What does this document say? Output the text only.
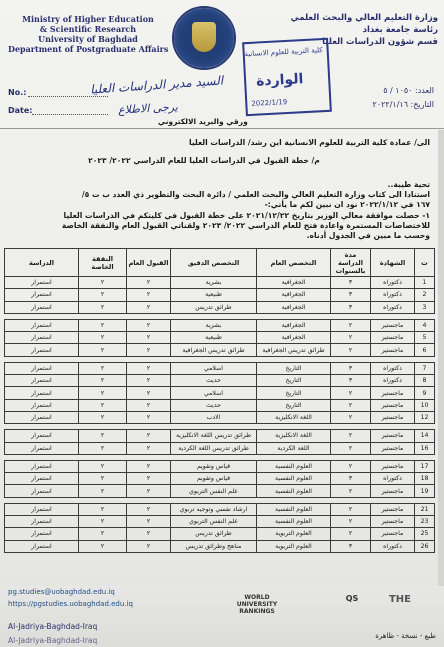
Ministry of Higher Education
& Scientific Research
University of Baghdad
Department of Postgraduate Affairs
وزارة التعليم العالي والبحث العلمي
رئاسة جامعة بغداد
قسم شؤون الدراسات العليا
كلية التربية للعلوم الانسانية
الواردة
2022/1/19
No.:
Date:
العدد: ١٠٥٠ / ٥
التاريخ: ٢٠٢٢/١/١٦
السيد مدير الدراسات العليا
يرجى الاطلاع
ورقي والبريد الالكتروني
الى/ عمادة كلية التربية للعلوم الانسانية ابن رشد/ الدراسات العليا
م/ خطة القبول في الدراسات العليا للعام الدراسي ٢٠٢٢/ ٢٠٢٣
تحية طيبة..
استنادا الى كتاب وزارة التعليم العالي والبحث العلمي / دائرة البحث والتطوير ذي العدد ب ت ٥/
١٦٧ في ٢٠٢٢/١/١٢ نود ان نبين لكم ما يأتي:-
١- حصلت موافقة معالي الوزير بتاريخ ٢٠٢١/١٢/٢٢ على خطة القبول في كليتكم في الدراسات العليا
للاختصاصات المستمرة واعادة فتح للعام الدراسي ٢٠٢٢/ ٢٠٢٣ ولقناتي القبول العام والنفقة الخاصة
وحسب ما مبين في الجدول أدناه.
ت	الشهادة	مدة الدراسة بالسنوات	التخصص العام	التخصص الدقيق	القبول العام	النفقة الخاصة	الدراسة
1	دكتوراه	٣	الجغرافية	بشرية	٢	٢	استمرار
2	دكتوراه	٣	الجغرافية	طبيعية	٢	٢	استمرار
3	دكتوراه	٣	الجغرافية	طرائق تدريس	٢	٢	استمرار

4	ماجستير	٢	الجغرافية	بشرية	٢	٢	استمرار
5	ماجستير	٢	الجغرافية	طبيعية	٢	٢	استمرار
6	ماجستير	٢	طرائق تدريس الجغرافية	طرائق تدريس الجغرافية	٢	٢	استمرار

7	دكتوراه	٣	التاريخ	اسلامي	٢	٢	استمرار
8	دكتوراه	٣	التاريخ	حديث	٢	٢	استمرار
9	ماجستير	٢	التاريخ	اسلامي	٢	٢	استمرار
10	ماجستير	٢	التاريخ	حديث	٢	٢	استمرار
12	ماجستير	٢	اللغة الانكليزية	الادب	٢	٢	استمرار

14	ماجستير	٢	اللغة الانكليزية	طرائق تدريس اللغة الانكليزية	٢	٢	استمرار
16	ماجستير	٢	اللغة الكردية	طرائق تدريس اللغة الكردية	٢	٢	استمرار

17	ماجستير	٢	العلوم النفسية	قياس وتقويم	٢	٢	استمرار
18	دكتوراه	٣	العلوم النفسية	قياس وتقويم	٢	٢	استمرار
19	ماجستير	٢	العلوم النفسية	علم النفس التربوي	٢	٢	استمرار

21	ماجستير	٢	العلوم النفسية	ارشاد نفسي وتوجيه تربوي	٢	٢	استمرار
23	ماجستير	٢	العلوم النفسية	علم النفس التربوي	٢	٢	استمرار
25	ماجستير	٢	العلوم التربوية	طرائق تدريس	٢	٢	استمرار
26	دكتوراه	٣	العلوم التربوية	مناهج وطرائق تدريس	٢	٢	استمرار
pg.studies@uobaghdad.edu.iq
https://pgstudies.uobaghdad.edu.iq
Al-Jadriya-Baghdad-Iraq
Al-Jadriya-Baghdad-Iraq
THE
WORLD UNIVERSITY RANKINGS
QS
طبع - نسخة - ظاهرة
